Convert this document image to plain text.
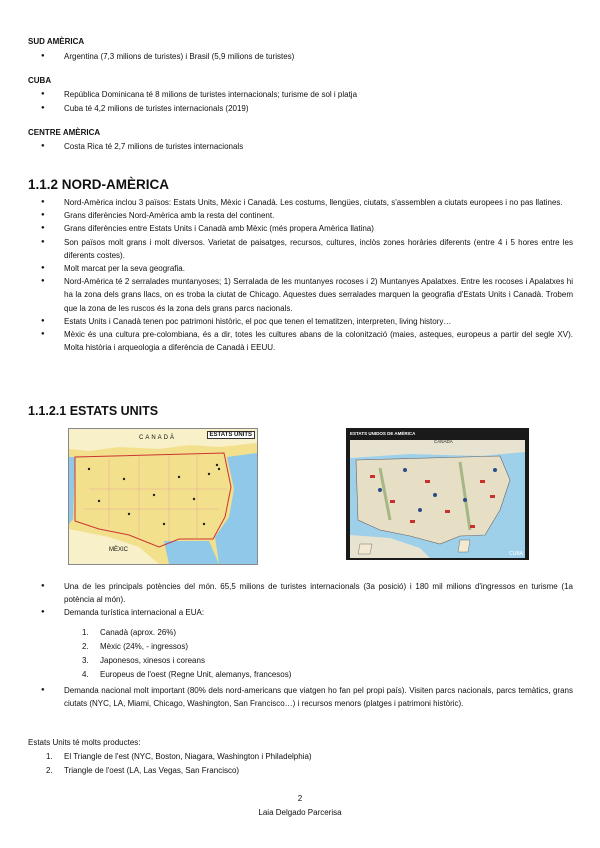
SUD AMÈRICA
● Argentina (7,3 milions de turistes) i Brasil (5,9 milions de turistes)
CUBA
● República Dominicana té 8 milions de turistes internacionals; turisme de sol i platja
● Cuba té 4,2 milions de turistes internacionals (2019)
CENTRE AMÈRICA
● Costa Rica té 2,7 milions de turistes internacionals
1.1.2 NORD-AMÈRICA
● Nord-Amèrica inclou 3 països: Estats Units, Mèxic i Canadà. Les costums, llengües, ciutats, s'assemblen a ciutats europees i no pas llatines.
● Grans diferències Nord-Amèrica amb la resta del continent.
● Grans diferències entre Estats Units i Canadà amb Mèxic (més propera Amèrica llatina)
● Son països molt grans i molt diversos. Varietat de paisatges, recursos, cultures, inclòs zones horàries diferents (entre 4 i 5 hores entre les diferents costes).
● Molt marcat per la seva geografia.
● Nord-Amèrica té 2 serralades muntanyoses; 1) Serralada de les muntanyes rocoses i 2) Muntanyes Apalatxes. Entre les rocoses i Apalatxes hi ha la zona dels grans llacs, on es troba la ciutat de Chicago. Aquestes dues serralades marquen la geografia d'Estats Units i Canadà. Trobem que la zona de les ruscos és la zona dels grans parcs nacionals.
● Estats Units i Canadà tenen poc patrimoni històric, el poc que tenen el tematitzen, interpreten, living history…
● Mèxic és una cultura pre-colombiana, és a dir, totes les cultures abans de la colonització (maies, asteques, europeus a partir del segle XV). Molta història i arqueologia a diferència de Canadà i EEUU.
1.1.2.1 ESTATS UNITS
ESTATS UNITS
CANADÀ
MÈXIC
ESTATS UNIDOS DE AMÉRICA
CANADÁ
CUBA
● Una de les principals potències del món. 65,5 milions de turistes internacionals (3a posició) i 180 mil milions d'ingressos en turisme (1a potència al món).
● Demanda turística internacional a EUA:
1. Canadà (aprox. 26%)
2. Mèxic (24%, - ingressos)
3. Japonesos, xinesos i coreans
4. Europeus de l'oest (Regne Unit, alemanys, francesos)
● Demanda nacional molt important (80% dels nord-americans que viatgen ho fan pel propi país). Visiten parcs nacionals, parcs temàtics, grans ciutats (NYC, LA, Miami, Chicago, Washington, San Francisco…) i recursos menors (platges i patrimoni històric).
Estats Units té molts productes:
1. El Triangle de l'est (NYC, Boston, Niagara, Washington i Philadelphia)
2. Triangle de l'oest (LA, Las Vegas, San Francisco)
2
Laia Delgado Parcerisa
